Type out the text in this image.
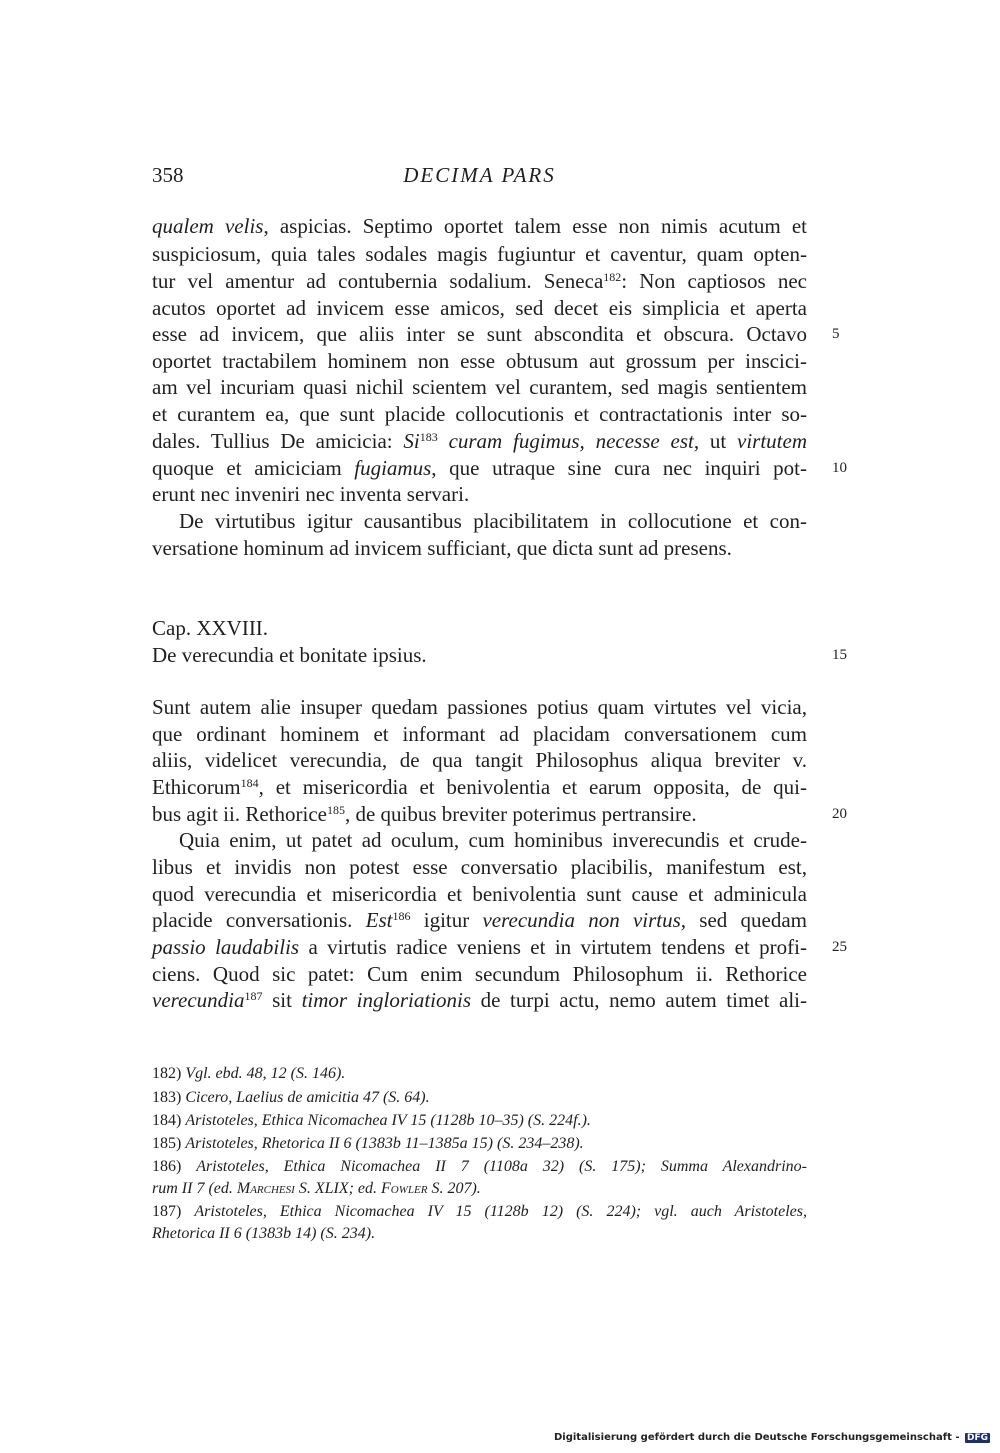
358	DECIMA PARS
qualem velis, aspicias. Septimo oportet talem esse non nimis acutum et
suspiciosum, quia tales sodales magis fugiuntur et caventur, quam opten-
tur vel amentur ad contubernia sodalium. Seneca$^{182}$: Non captiosos nec
acutos oportet ad invicem esse amicos, sed decet eis simplicia et aperta
esse ad invicem, que aliis inter se sunt abscondita et obscura. Octavo
oportet tractabilem hominem non esse obtusum aut grossum per inscici-
am vel incuriam quasi nichil scientem vel curantem, sed magis sentientem
et curantem ea, que sunt placide collocutionis et contractationis inter so-
dales. Tullius De amicicia: Si$^{183}$ curam fugimus, necesse est, ut virtutem
quoque et amiciciam fugiamus, que utraque sine cura nec inquiri pot-
erunt nec inveniri nec inventa servari.
De virtutibus igitur causantibus placibilitatem in collocutione et con-
versatione hominum ad invicem sufficiant, que dicta sunt ad presens.
Cap. XXVIII.
De verecundia et bonitate ipsius.
Sunt autem alie insuper quedam passiones potius quam virtutes vel vicia,
que ordinant hominem et informant ad placidam conversationem cum
aliis, videlicet verecundia, de qua tangit Philosophus aliqua breviter v.
Ethicorum$^{184}$, et misericordia et benivolentia et earum opposita, de qui-
bus agit ii. Rethorice$^{185}$, de quibus breviter poterimus pertransire.
Quia enim, ut patet ad oculum, cum hominibus inverecundis et crude-
libus et invidis non potest esse conversatio placibilis, manifestum est,
quod verecundia et misericordia et benivolentia sunt cause et adminicula
placide conversationis. Est$^{186}$ igitur verecundia non virtus, sed quedam
passio laudabilis a virtutis radice veniens et in virtutem tendens et profi-
ciens. Quod sic patet: Cum enim secundum Philosophum ii. Rethorice
verecundia$^{187}$ sit timor ingloriationis de turpi actu, nemo autem timet ali-
5
10
15
20
25
182) Vgl. ebd. 48, 12 (S. 146).
183) Cicero, Laelius de amicitia 47 (S. 64).
184) Aristoteles, Ethica Nicomachea IV 15 (1128b 10–35) (S. 224f.).
185) Aristoteles, Rhetorica II 6 (1383b 11–1385a 15) (S. 234–238).
186) Aristoteles, Ethica Nicomachea II 7 (1108a 32) (S. 175); Summa Alexandrino-
rum II 7 (ed. Marchesi S. XLIX; ed. Fowler S. 207).
187) Aristoteles, Ethica Nicomachea IV 15 (1128b 12) (S. 224); vgl. auch Aristoteles,
Rhetorica II 6 (1383b 14) (S. 234).
Digitalisierung gefördert durch die Deutsche Forschungsgemeinschaft - DFG
